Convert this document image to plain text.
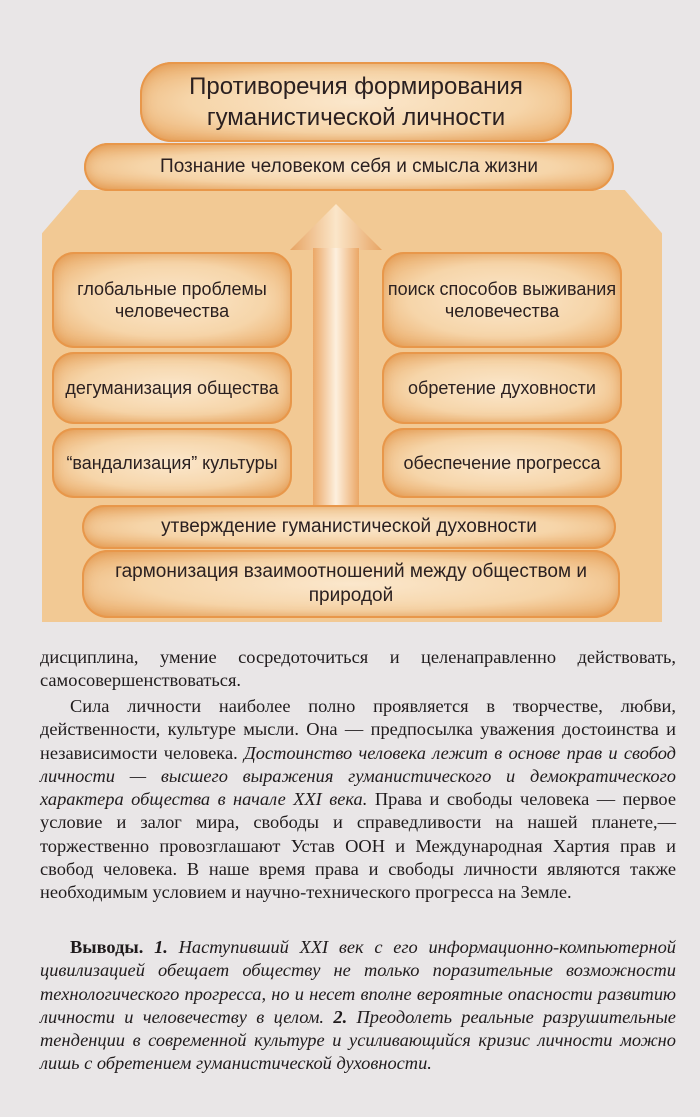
Противоречия формирования гуманистической личности
Познание человеком себя и смысла жизни
глобальные проблемы человечества
дегуманизация общества
“вандализация” культуры
поиск способов выживания человечества
обретение духовности
обеспечение прогресса
утверждение гуманистической духовности
гармонизация взаимоотношений между обществом и природой

дисциплина, умение сосредоточиться и целенаправленно действовать, самосовершенствоваться.

Сила личности наиболее полно проявляется в творчестве, любви, действенности, культуре мысли. Она — предпосылка уважения достоинства и независимости человека. Достоинство человека лежит в основе прав и свобод личности — высшего выражения гуманистического и демократического характера общества в начале XXI века. Права и свободы человека — первое условие и залог мира, свободы и справедливости на нашей планете,— торжественно провозглашают Устав ООН и Международная Хартия прав и свобод человека. В наше время права и свободы личности являются также необходимым условием и научно-технического прогресса на Земле.

Выводы. 1. Наступивший XXI век с его информационно-компьютерной цивилизацией обещает обществу не только поразительные возможности технологического прогресса, но и несет вполне вероятные опасности развитию личности и человечеству в целом. 2. Преодолеть реальные разрушительные тенденции в современной культуре и усиливающийся кризис личности можно лишь с обретением гуманистической духовности.
